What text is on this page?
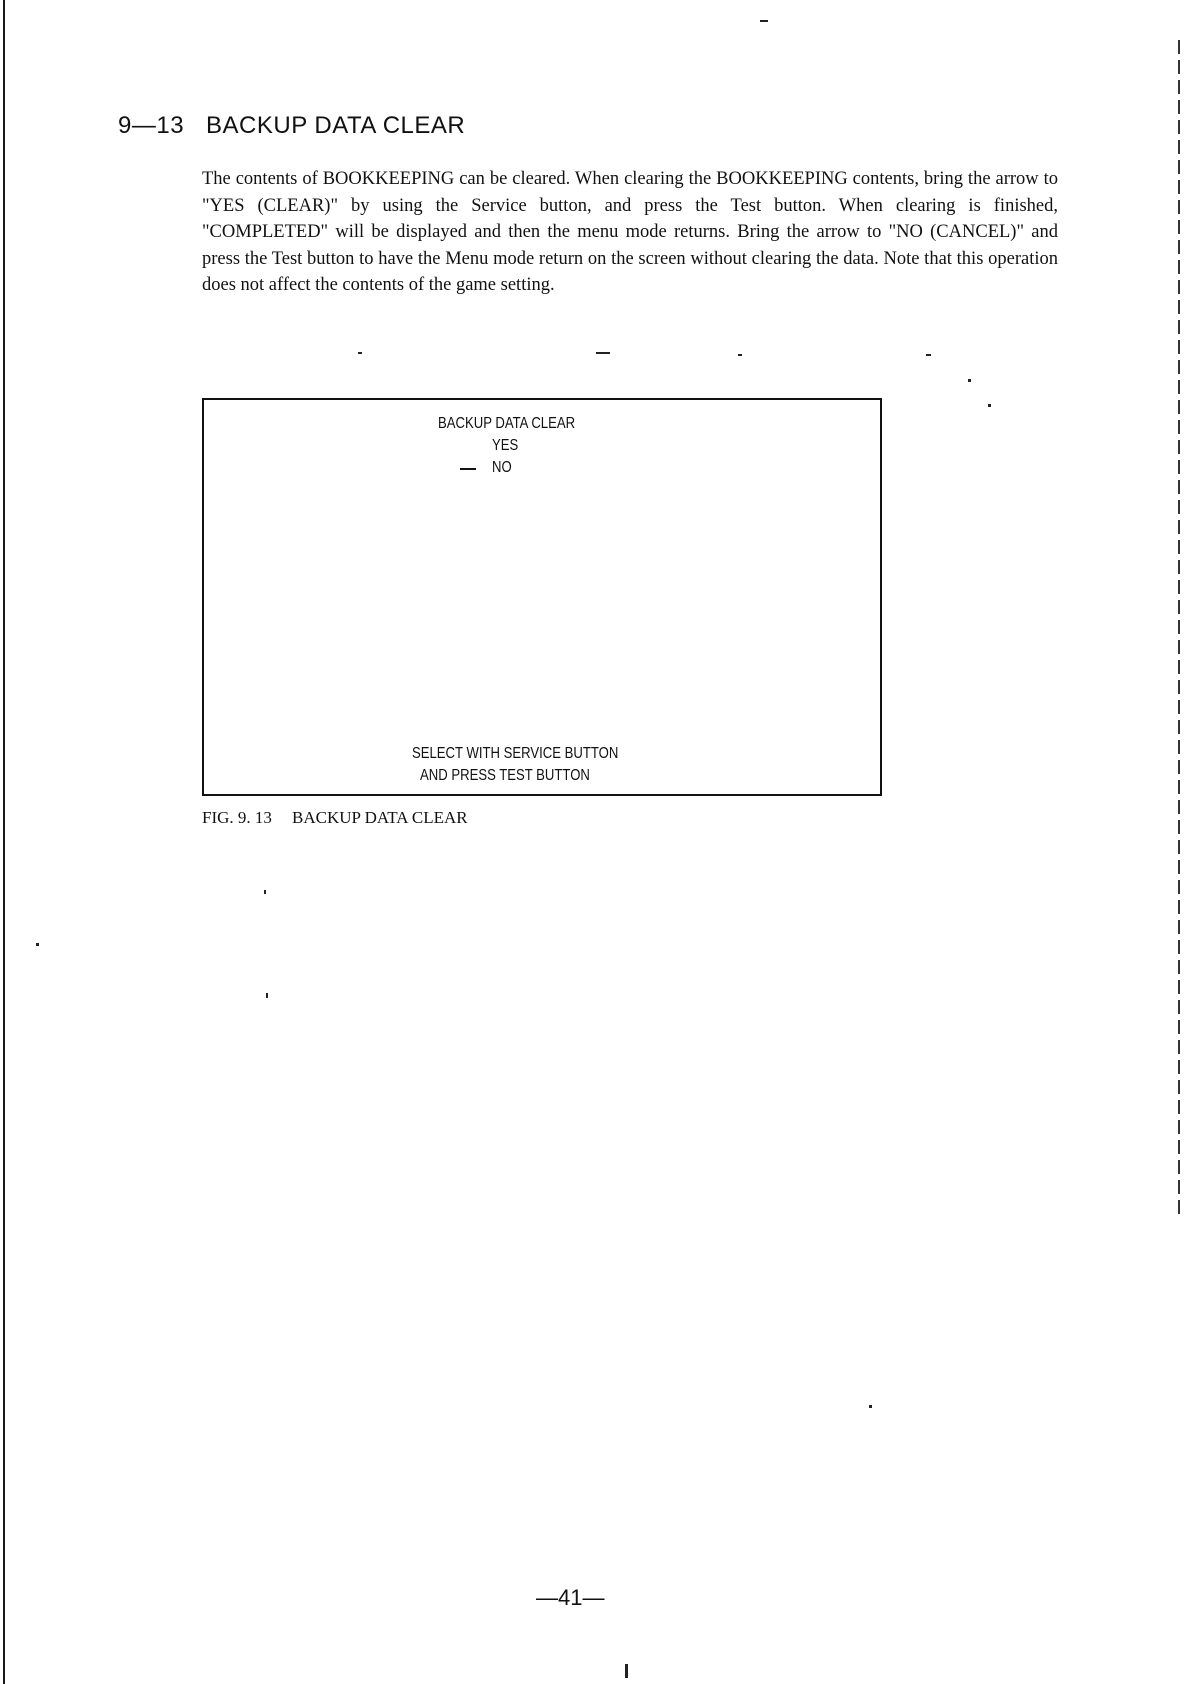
9—13 BACKUP DATA CLEAR

The contents of BOOKKEEPING can be cleared. When clearing the BOOKKEEPING contents, bring the arrow to "YES (CLEAR)" by using the Service button, and press the Test button. When clearing is finished, "COMPLETED" will be displayed and then the menu mode returns. Bring the arrow to "NO (CANCEL)" and press the Test button to have the Menu mode return on the screen without clearing the data. Note that this operation does not affect the contents of the game setting.

BACKUP DATA CLEAR
YES
NO
SELECT WITH SERVICE BUTTON
AND PRESS TEST BUTTON

FIG. 9. 13 BACKUP DATA CLEAR

—41—
